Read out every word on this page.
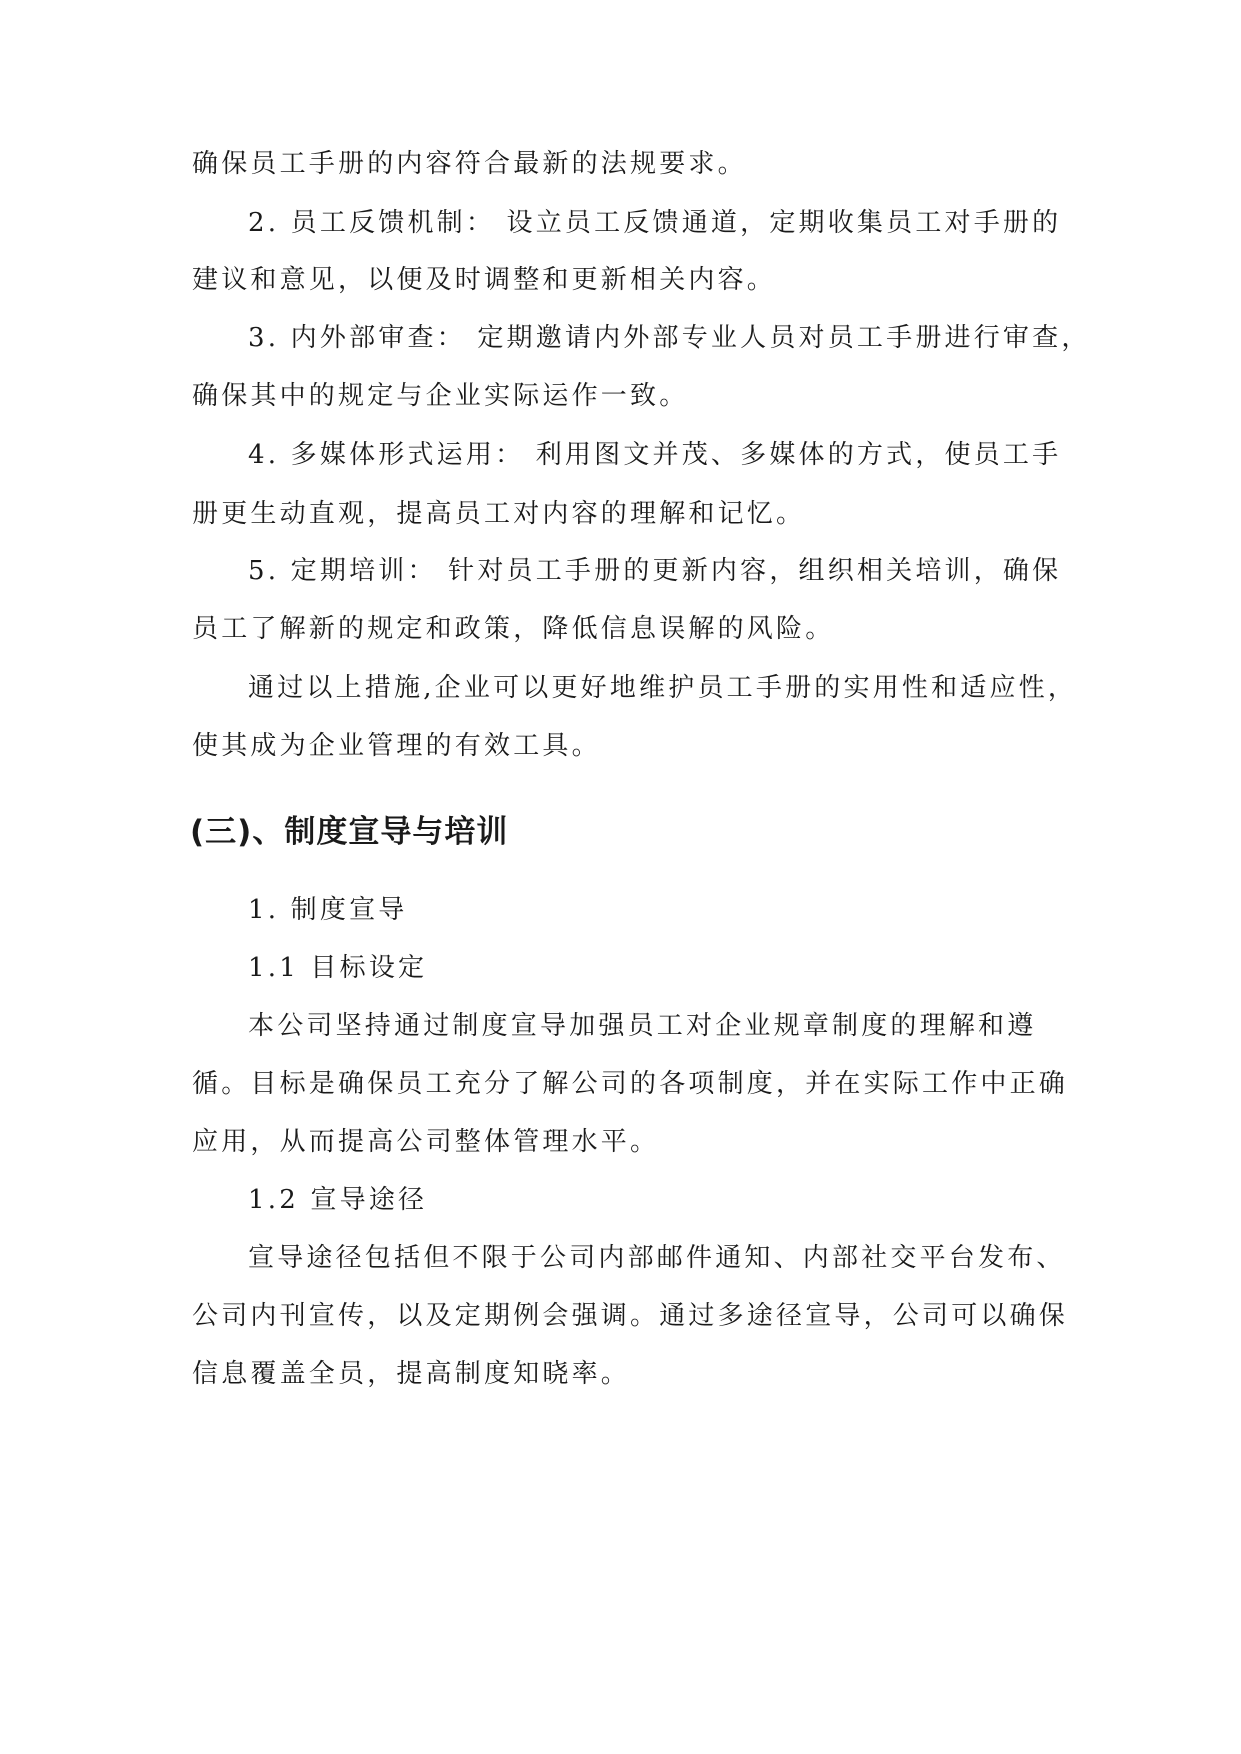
确保员工手册的内容符合最新的法规要求。
2. 员工反馈机制： 设立员工反馈通道，定期收集员工对手册的
建议和意见，以便及时调整和更新相关内容。
3. 内外部审查： 定期邀请内外部专业人员对员工手册进行审查，
确保其中的规定与企业实际运作一致。
4. 多媒体形式运用： 利用图文并茂、多媒体的方式，使员工手
册更生动直观，提高员工对内容的理解和记忆。
5. 定期培训： 针对员工手册的更新内容，组织相关培训，确保
员工了解新的规定和政策，降低信息误解的风险。
通过以上措施,企业可以更好地维护员工手册的实用性和适应性，
使其成为企业管理的有效工具。
(三)、制度宣导与培训
1. 制度宣导
1.1 目标设定
本公司坚持通过制度宣导加强员工对企业规章制度的理解和遵
循。目标是确保员工充分了解公司的各项制度，并在实际工作中正确
应用，从而提高公司整体管理水平。
1.2 宣导途径
宣导途径包括但不限于公司内部邮件通知、内部社交平台发布、
公司内刊宣传，以及定期例会强调。通过多途径宣导，公司可以确保
信息覆盖全员，提高制度知晓率。
